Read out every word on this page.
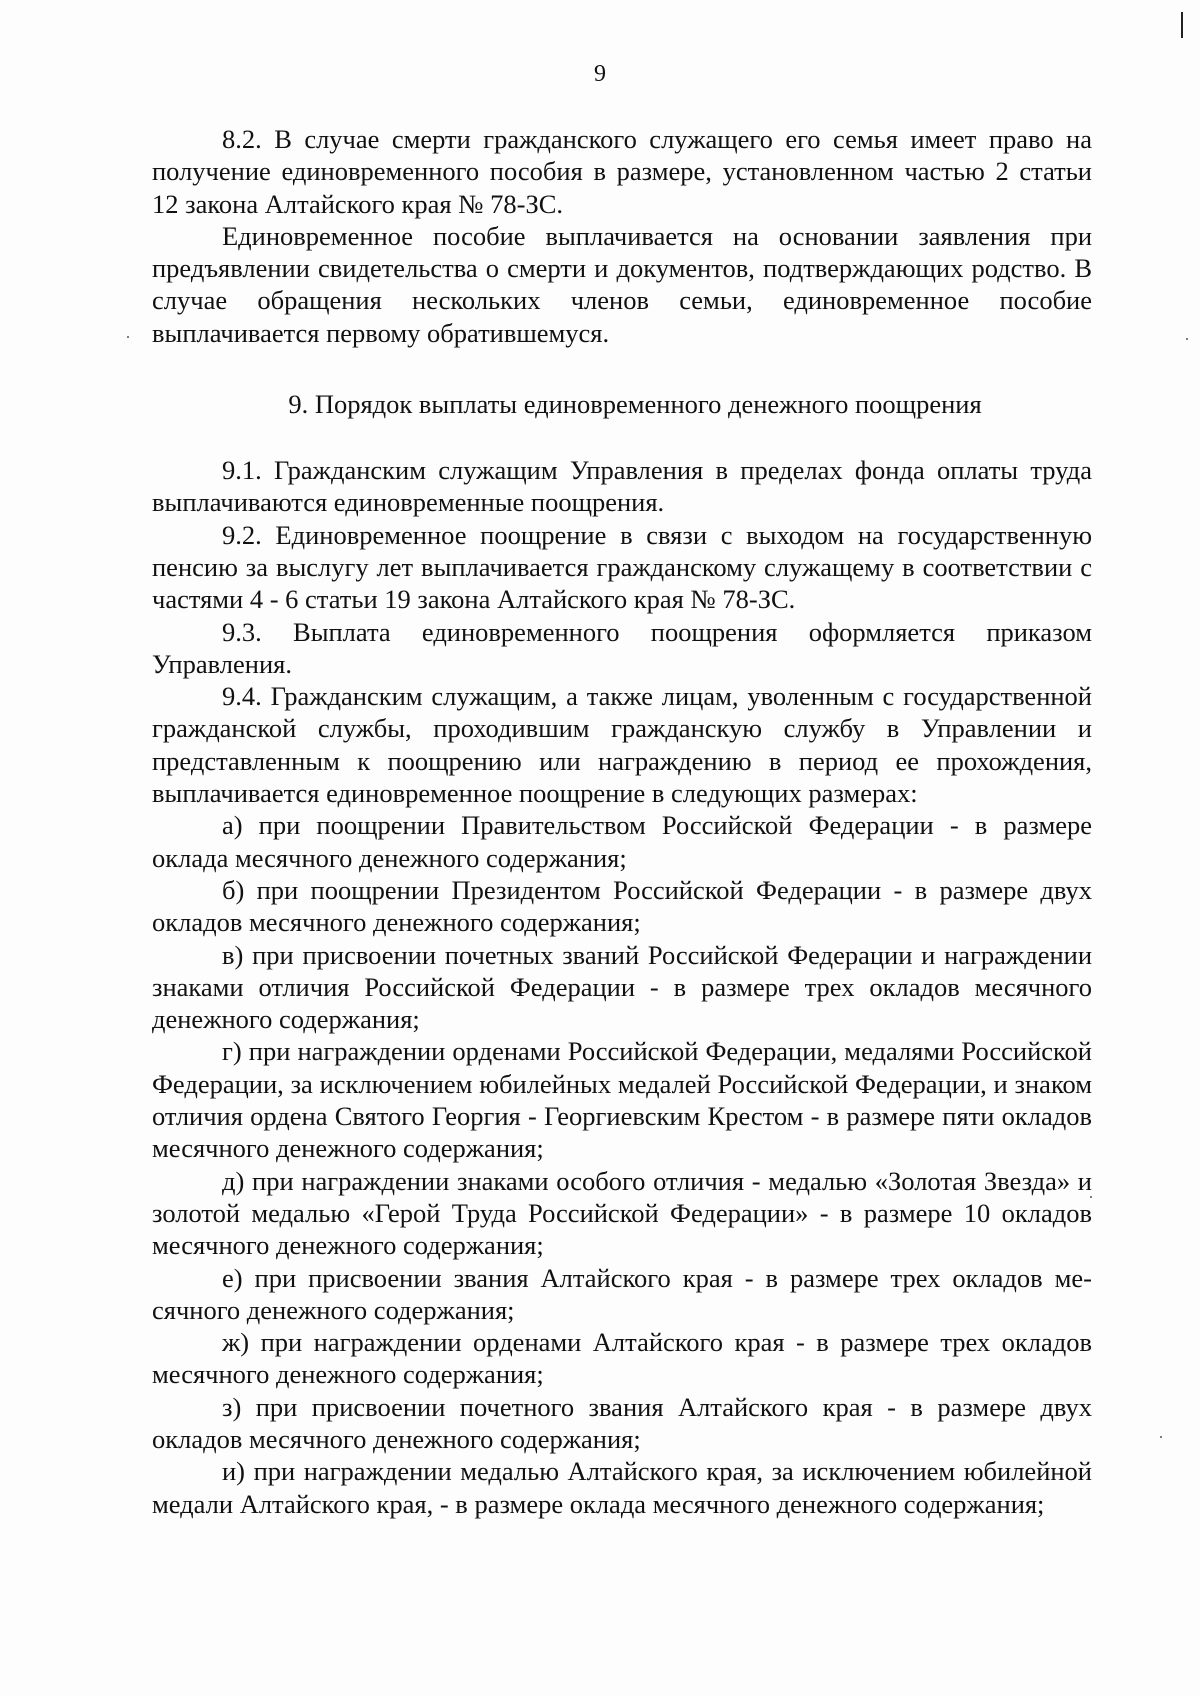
9

8.2. В случае смерти гражданского служащего его семья имеет право на получение единовременного пособия в размере, установленном частью 2 статьи 12 закона Алтайского края № 78-ЗС.

Единовременное пособие выплачивается на основании заявления при предъявлении свидетельства о смерти и документов, подтверждающих родство. В случае обращения нескольких членов семьи, единовременное пособие выплачивается первому обратившемуся.

9. Порядок выплаты единовременного денежного поощрения

9.1. Гражданским служащим Управления в пределах фонда оплаты труда выплачиваются единовременные поощрения.

9.2. Единовременное поощрение в связи с выходом на государственную пенсию за выслугу лет выплачивается гражданскому служащему в соответствии с частями 4 - 6 статьи 19 закона Алтайского края № 78-ЗС.

9.3. Выплата единовременного поощрения оформляется приказом Управления.

9.4. Гражданским служащим, а также лицам, уволенным с государственной гражданской службы, проходившим гражданскую службу в Управлении и представленным к поощрению или награждению в период ее прохождения, выплачивается единовременное поощрение в следующих размерах:

а) при поощрении Правительством Российской Федерации - в размере оклада месячного денежного содержания;

б) при поощрении Президентом Российской Федерации - в размере двух окладов месячного денежного содержания;

в) при присвоении почетных званий Российской Федерации и награждении знаками отличия Российской Федерации - в размере трех окладов месячного денежного содержания;

г) при награждении орденами Российской Федерации, медалями Российской Федерации, за исключением юбилейных медалей Российской Федерации, и знаком отличия ордена Святого Георгия - Георгиевским Крестом - в размере пяти окладов месячного денежного содержания;

д) при награждении знаками особого отличия - медалью «Золотая Звезда» и золотой медалью «Герой Труда Российской Федерации» - в размере 10 окладов месячного денежного содержания;

е) при присвоении звания Алтайского края - в размере трех окладов месячного денежного содержания;

ж) при награждении орденами Алтайского края - в размере трех окладов месячного денежного содержания;

з) при присвоении почетного звания Алтайского края - в размере двух окладов месячного денежного содержания;

и) при награждении медалью Алтайского края, за исключением юбилейной медали Алтайского края, - в размере оклада месячного денежного содержания;
